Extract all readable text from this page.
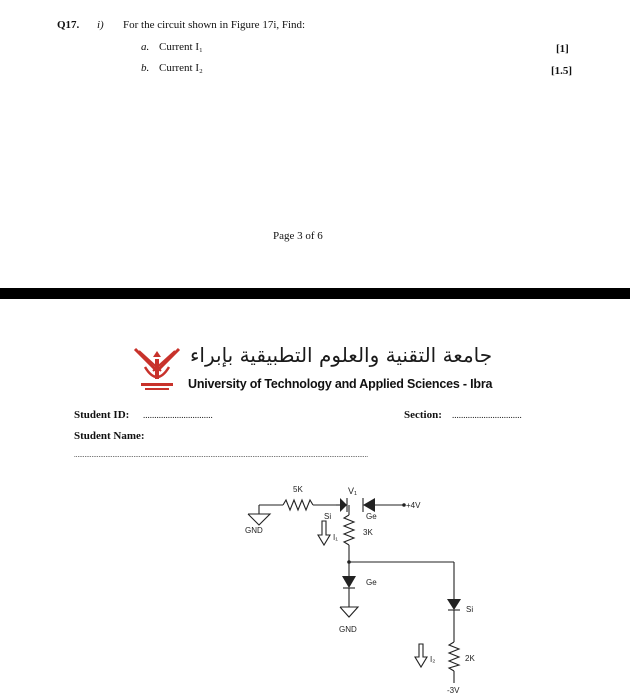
Q17. i) For the circuit shown in Figure 17i, Find:
a. Current I₁	[1]
b. Current I₂	[1.5]
Page 3 of 6
جامعة التقنية والعلوم التطبيقية بإبراء
University of Technology and Applied Sciences - Ibra
Student ID: ...............................	Section: ...............................
Student Name:
........................................................................................................................................................................
5K	V₁
Si	Ge
+4V
3K
I₁
GND
Ge
GND
Si
I₂	2K
-3V
